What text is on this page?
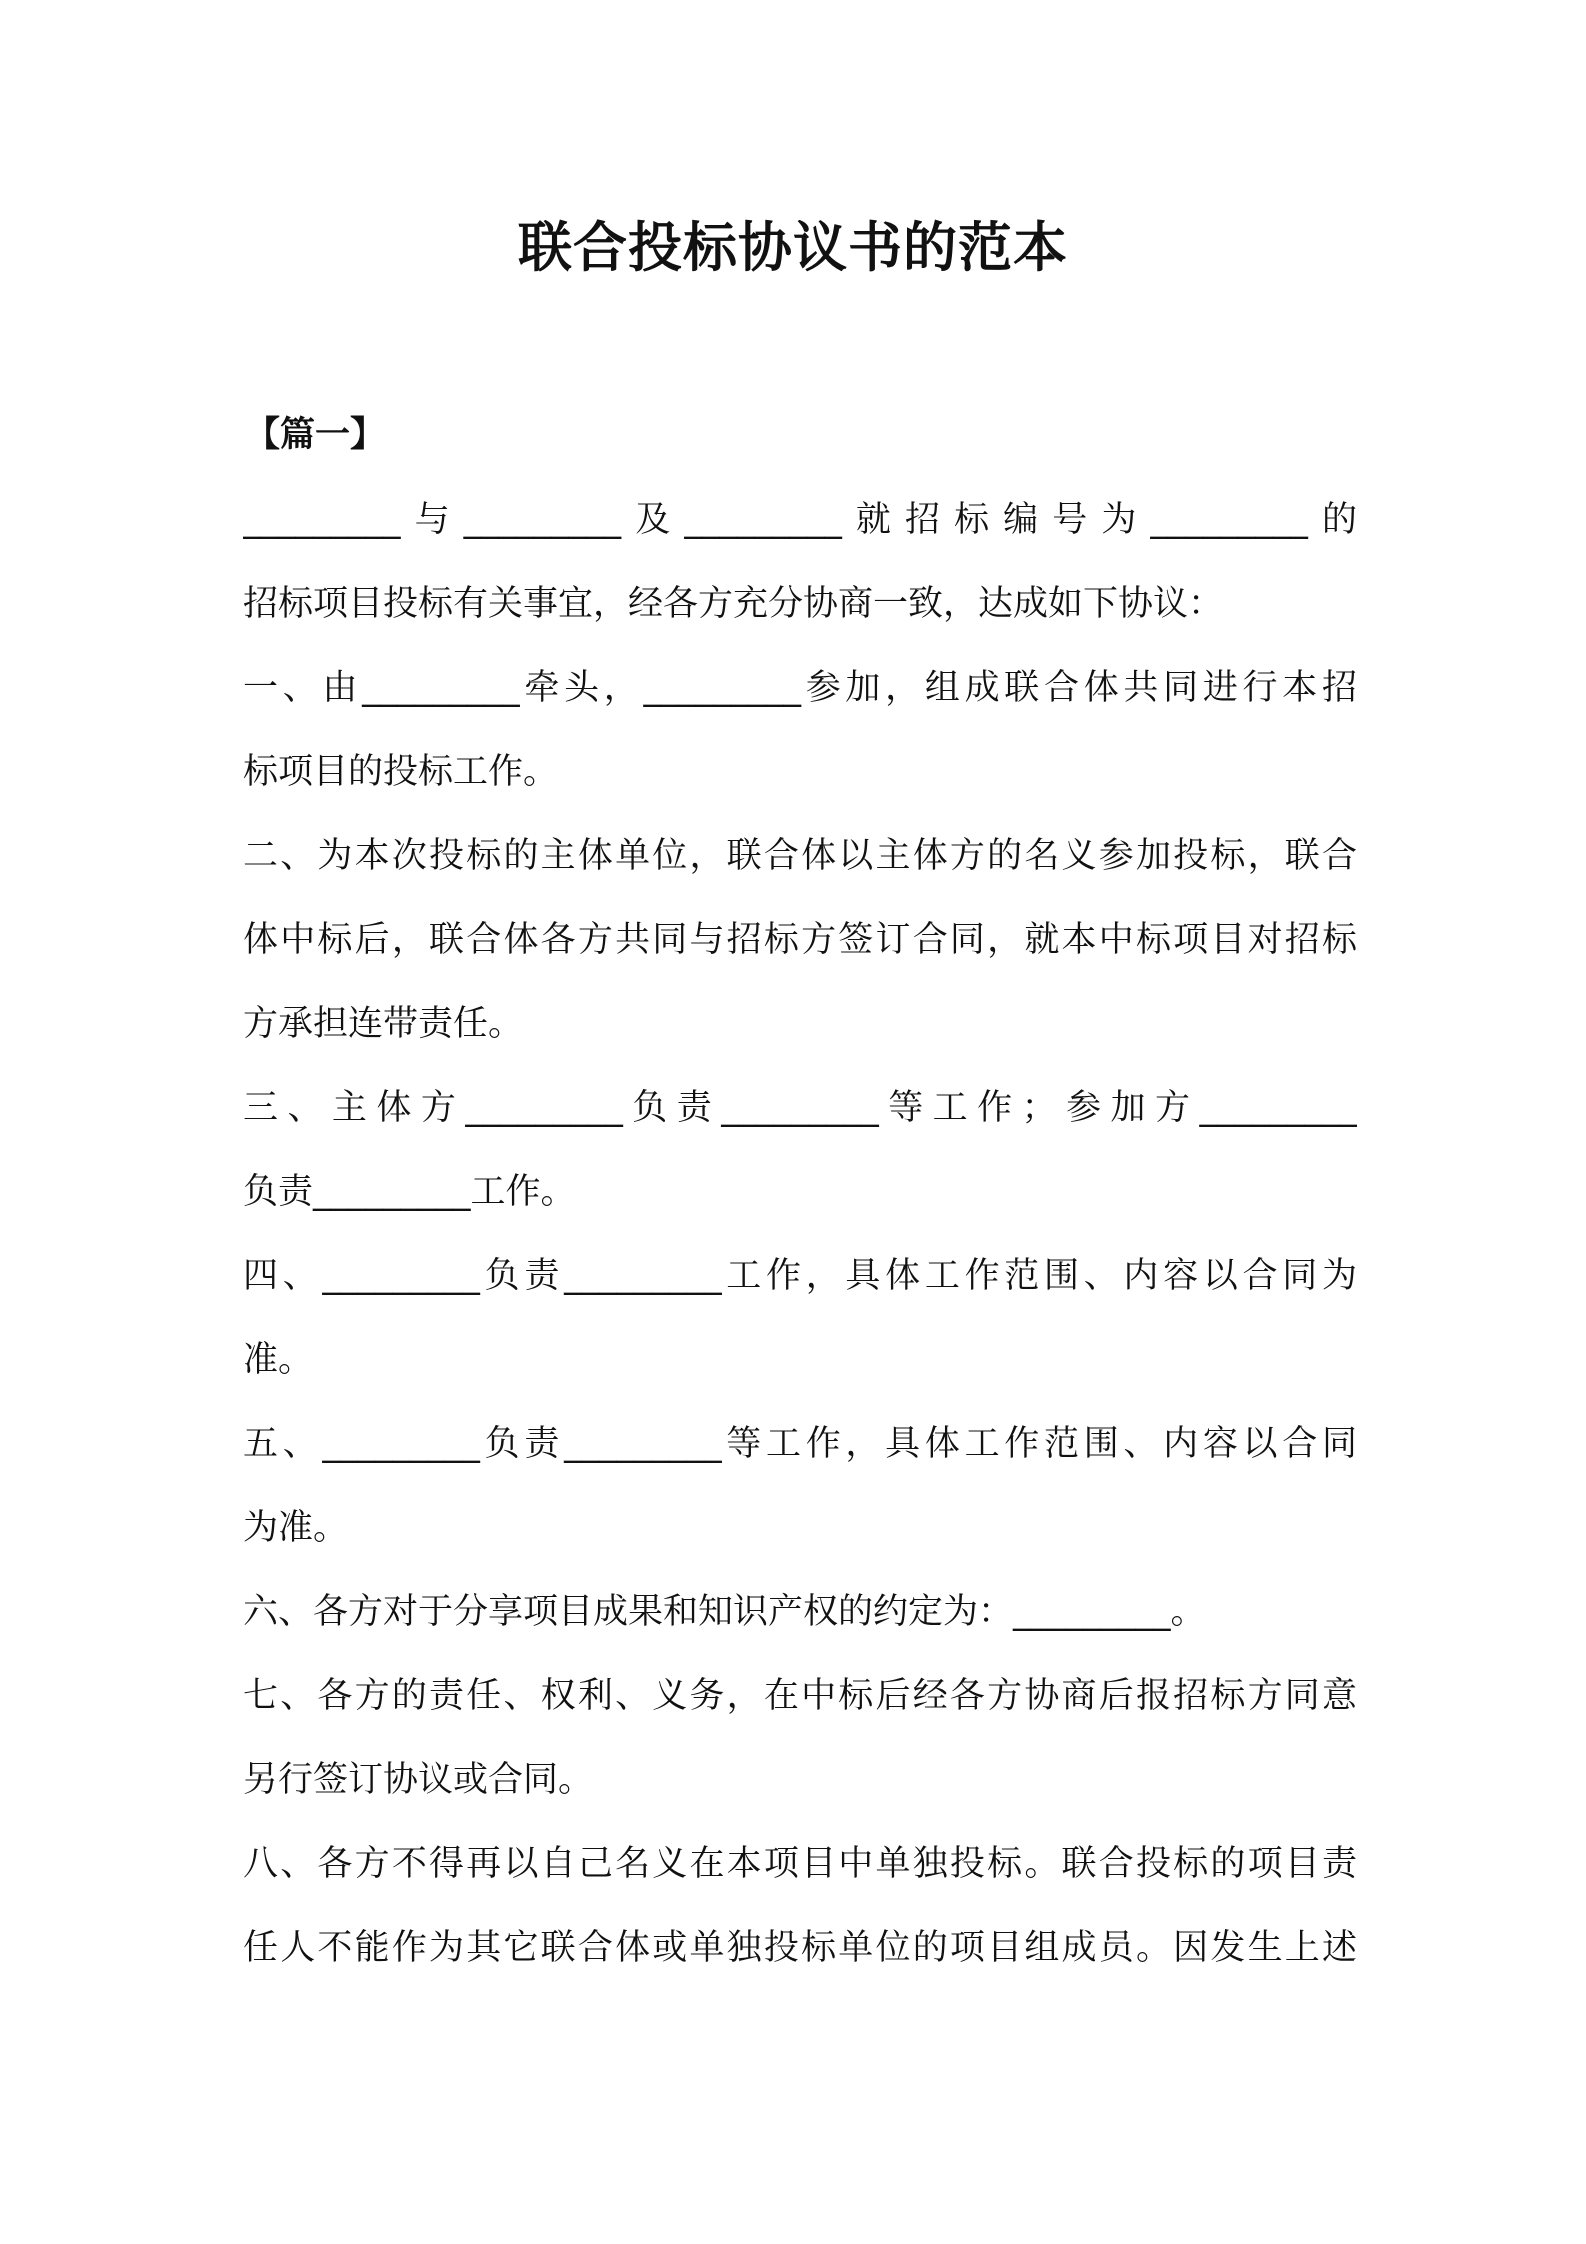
联合投标协议书的范本
【篇一】
_________与_________及_________就招标编号为_________的
招标项目投标有关事宜，经各方充分协商一致，达成如下协议：
一、由_________牵头，_________参加，组成联合体共同进行本招
标项目的投标工作。
二、为本次投标的主体单位，联合体以主体方的名义参加投标，联合
体中标后，联合体各方共同与招标方签订合同，就本中标项目对招标
方承担连带责任。
三、主体方_________负责_________等工作；参加方_________
负责_________工作。
四、_________负责_________工作，具体工作范围、内容以合同为
准。
五、_________负责_________等工作，具体工作范围、内容以合同
为准。
六、各方对于分享项目成果和知识产权的约定为：_________。
七、各方的责任、权利、义务，在中标后经各方协商后报招标方同意
另行签订协议或合同。
八、各方不得再以自己名义在本项目中单独投标。联合投标的项目责
任人不能作为其它联合体或单独投标单位的项目组成员。因发生上述
